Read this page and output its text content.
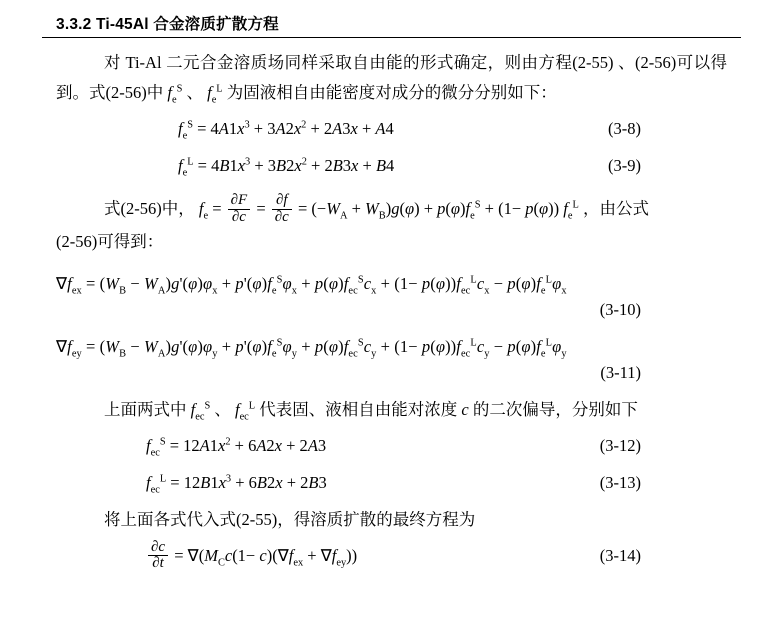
3.3.2 Ti-45Al 合金溶质扩散方程
对 Ti-Al 二元合金溶质场同样采取自由能的形式确定，则由方程(2-55) 、(2-56)可以得到。式(2-56)中 $f_e^S$ 、 $f_e^L$ 为固液相自由能密度对成分的微分分别如下：
$f_e^S = 4A1x^3 + 3A2x^2 + 2A3x + A4$	(3-8)
$f_e^L = 4B1x^3 + 3B2x^2 + 2B3x + B4$	(3-9)
式(2-56)中， $f_e = \frac{\partial F}{\partial c} = \frac{\partial f}{\partial c} = (-W_A + W_B)g(\varphi) + p(\varphi)f_e^S + (1- p(\varphi))$ $f_e^L$ ，由公式
(2-56)可得到：
$\nabla f_{ex} = (W_B - W_A)g'(\varphi)\varphi_x + p'(\varphi)f_e^S\varphi_x + p(\varphi)f_{ec}^Sc_x + (1- p(\varphi))f_{ec}^Lc_x - p(\varphi)f_e^L\varphi_x$
(3-10)
$\nabla f_{ey} = (W_B - W_A)g'(\varphi)\varphi_y + p'(\varphi)f_e^S\varphi_y + p(\varphi)f_{ec}^Sc_y + (1- p(\varphi))f_{ec}^Lc_y - p(\varphi)f_e^L\varphi_y$
(3-11)
上面两式中 $f_{ec}^S$ 、 $f_{ec}^L$ 代表固、液相自由能对浓度 c 的二次偏导，分别如下
$f_{ec}^S = 12A1x^2 + 6A2x + 2A3$	(3-12)
$f_{ec}^L = 12B1x^3 + 6B2x + 2B3$	(3-13)
将上面各式代入式(2-55)，得溶质扩散的最终方程为
$\frac{\partial c}{\partial t} = \nabla(M_Cc(1- c)(\nabla f_{ex} + \nabla f_{ey}))$	(3-14)
